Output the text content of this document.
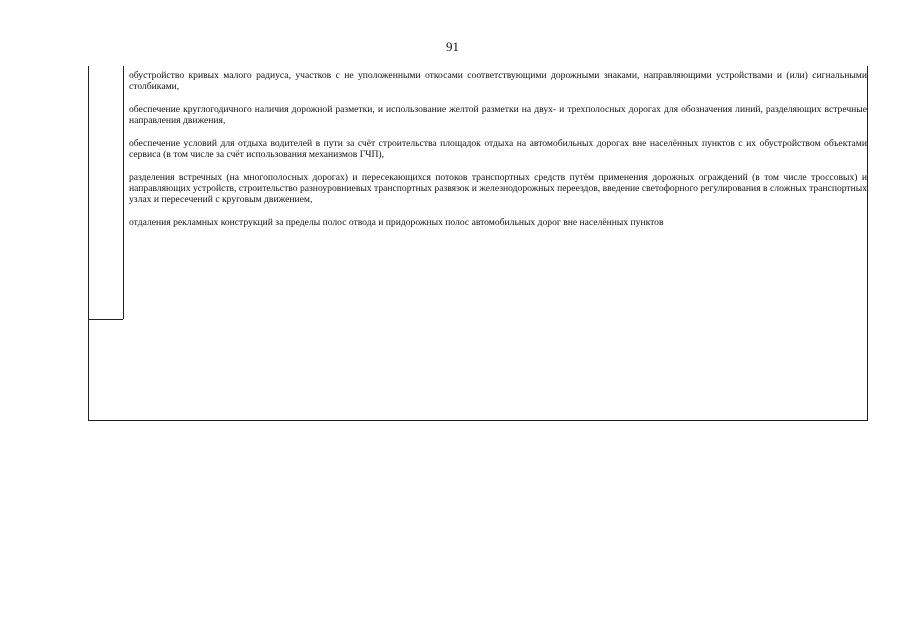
91

обустройство кривых малого радиуса, участков с не уположенными откосами соответствующими дорожными знаками, направляющими устройствами и (или) сигнальными столбиками,

обеспечение круглогодичного наличия дорожной разметки, и использование желтой разметки на двух- и трехполосных дорогах для обозначения линий, разделяющих встречные направления движения,

обеспечение условий для отдыха водителей в пути за счёт строительства площадок отдыха на автомобильных дорогах вне населённых пунктов с их обустройством объектами сервиса (в том числе за счёт использования механизмов ГЧП),

разделения встречных (на многополосных дорогах) и пересекающихся потоков транспортных средств путём применения дорожных ограждений (в том числе тросcовых) и направляющих устройств, строительство разноуровниевых транспортных развязок и железнодорожных переездов, введение светофорного регулирования в сложных транспортных узлах и пересечений с круговым движением,

отдаления рекламных конструкций за пределы полос отвода и придорожных полос автомобильных дорог вне населённых пунктов
